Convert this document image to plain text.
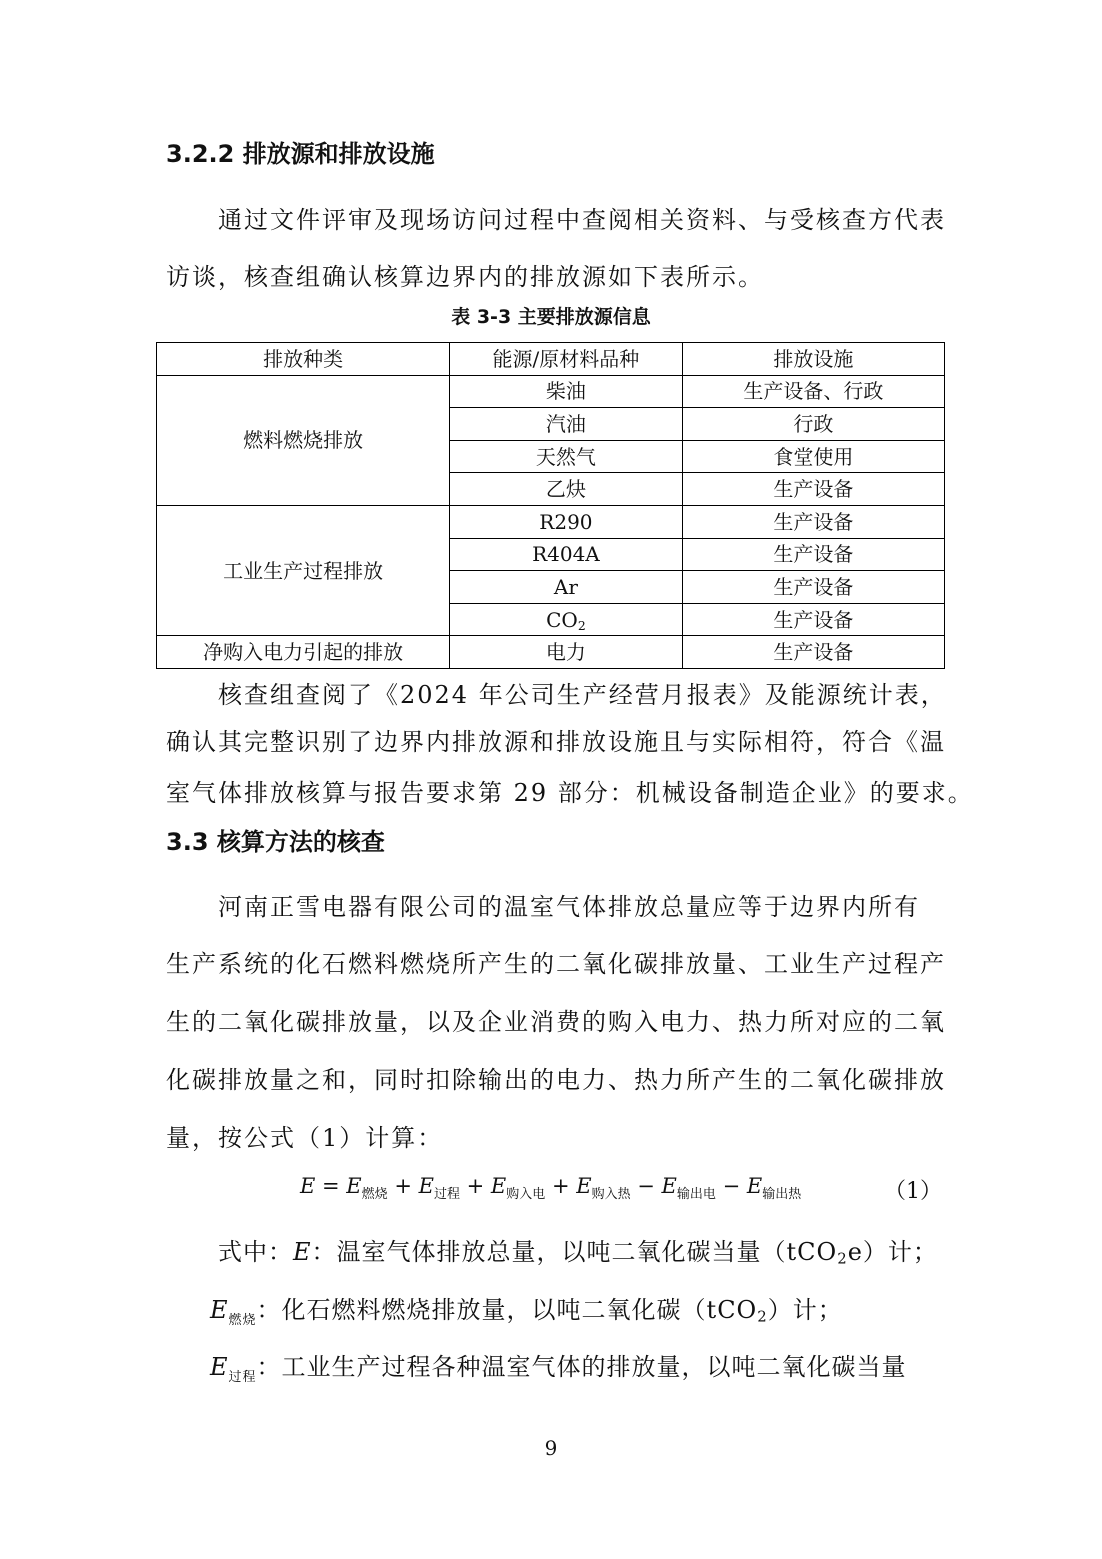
3.2.2 排放源和排放设施
通过文件评审及现场访问过程中查阅相关资料、与受核查方代表
访谈，核查组确认核算边界内的排放源如下表所示。
表 3-3 主要排放源信息
排放种类	能源/原材料品种	排放设施
燃料燃烧排放	柴油	生产设备、行政
	汽油	行政
	天然气	食堂使用
	乙炔	生产设备
工业生产过程排放	R290	生产设备
	R404A	生产设备
	Ar	生产设备
	$CO_2$	生产设备
净购入电力引起的排放	电力	生产设备
核查组查阅了《2024 年公司生产经营月报表》及能源统计表，
确认其完整识别了边界内排放源和排放设施且与实际相符，符合《温
室气体排放核算与报告要求第 29 部分：机械设备制造企业》的要求。
3.3 核算方法的核查
河南正雪电器有限公司的温室气体排放总量应等于边界内所有
生产系统的化石燃料燃烧所产生的二氧化碳排放量、工业生产过程产
生的二氧化碳排放量，以及企业消费的购入电力、热力所对应的二氧
化碳排放量之和，同时扣除输出的电力、热力所产生的二氧化碳排放
量，按公式（1）计算：
$E = E_{燃烧} + E_{过程} + E_{购入电} + E_{购入热} - E_{输出电} - E_{输出热}$	（1）
式中：E：温室气体排放总量，以吨二氧化碳当量（tCO$_2$e）计；
$E_{燃烧}$：化石燃料燃烧排放量，以吨二氧化碳（tCO$_2$）计；
$E_{过程}$：工业生产过程各种温室气体的排放量，以吨二氧化碳当量
9
